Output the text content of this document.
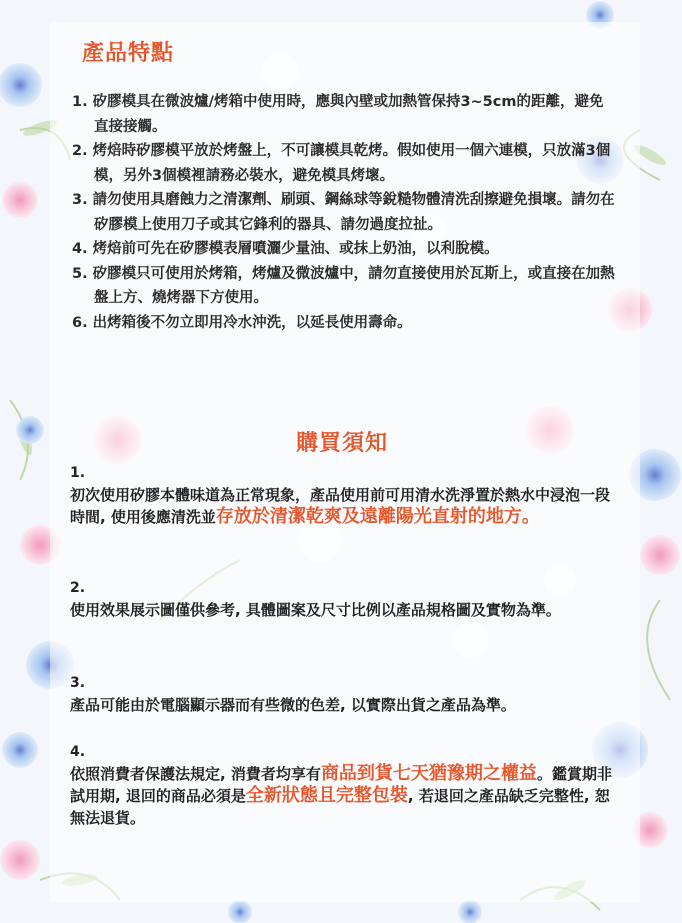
產品特點
1. 矽膠模具在微波爐/烤箱中使用時，應與內壁或加熱管保持3~5cm的距離，避免直接接觸。
2. 烤焙時矽膠模平放於烤盤上，不可讓模具乾烤。假如使用一個六連模，只放滿3個模，另外3個模裡請務必裝水，避免模具烤壞。
3. 請勿使用具磨蝕力之清潔劑、刷頭、鋼絲球等銳糙物體清洗刮擦避免損壞。請勿在矽膠模上使用刀子或其它鋒利的器具、請勿過度拉扯。
4. 烤焙前可先在矽膠模表層噴灑少量油、或抹上奶油，以利脫模。
5. 矽膠模只可使用於烤箱，烤爐及微波爐中，請勿直接使用於瓦斯上，或直接在加熱盤上方、燒烤器下方使用。
6. 出烤箱後不勿立即用冷水沖洗，以延長使用壽命。
購買須知
1.
初次使用矽膠本體味道為正常現象，產品使用前可用清水洗淨置於熱水中浸泡一段時間, 使用後應清洗並存放於清潔乾爽及遠離陽光直射的地方。
2.
使用效果展示圖僅供參考, 具體圖案及尺寸比例以產品規格圖及實物為準。
3.
產品可能由於電腦顯示器而有些微的色差, 以實際出貨之產品為準。
4.
依照消費者保護法規定, 消費者均享有商品到貨七天猶豫期之權益。鑑賞期非試用期, 退回的商品必須是全新狀態且完整包裝, 若退回之產品缺乏完整性, 恕無法退貨。
